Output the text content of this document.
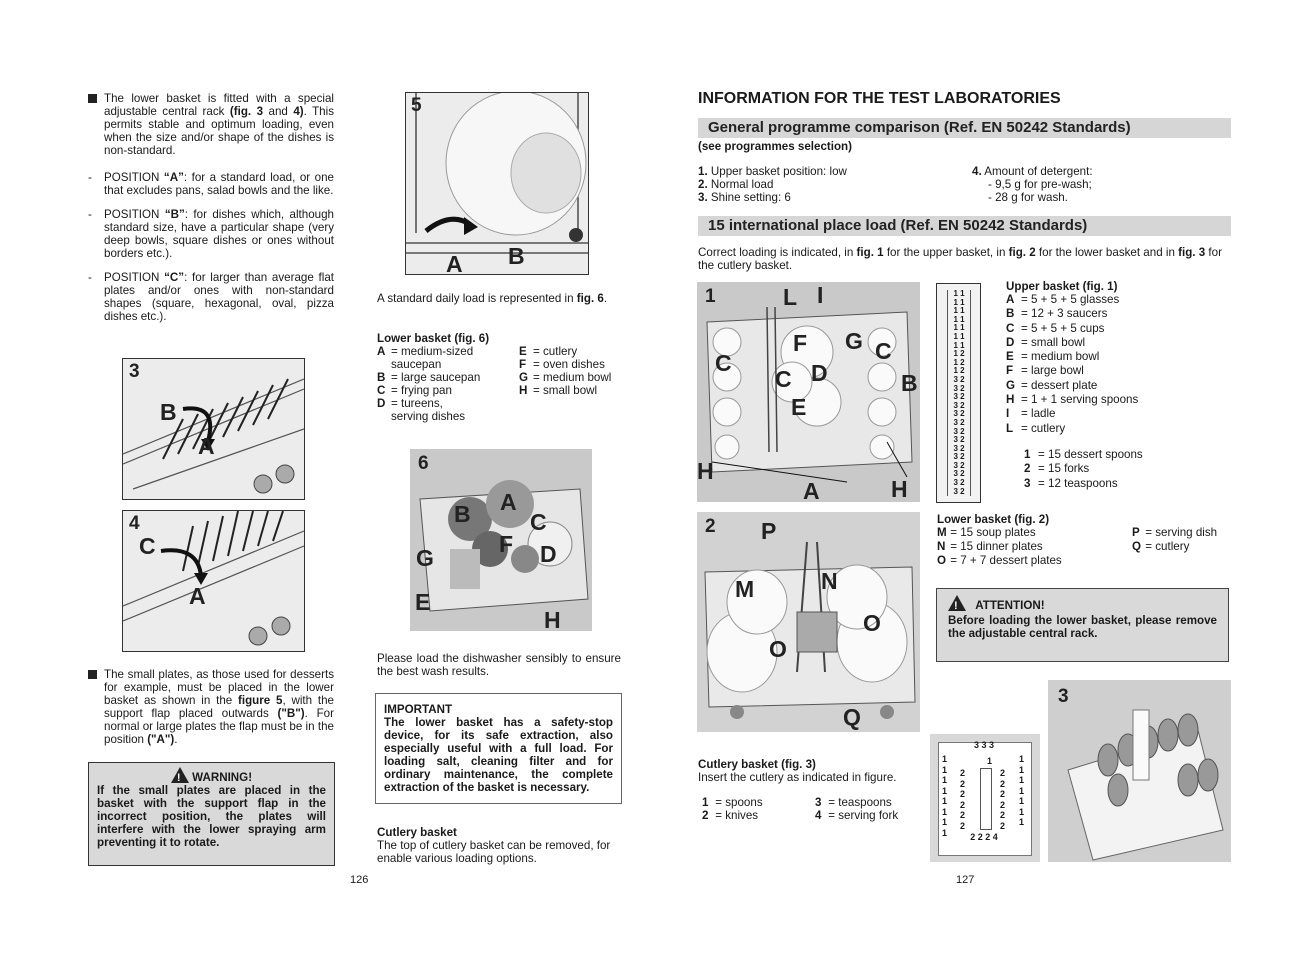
The lower basket is fitted with a special adjustable central rack (fig. 3 and 4). This permits stable and optimum loading, even when the size and/or shape of the dishes is non-standard.
-	POSITION “A”: for a standard load, or one that excludes pans, salad bowls and the like.
-	POSITION “B”: for dishes which, although standard size, have a particular shape (very deep bowls, square dishes or ones without borders etc.).
-	POSITION “C”: for larger than average flat plates and/or ones with non-standard shapes (square, hexagonal, oval, pizza dishes etc.).
3
B
A
4
C
A
The small plates, as those used for desserts for example, must be placed in the lower basket as shown in the figure 5, with the support flap placed outwards ("B"). For normal or large plates the flap must be in the position ("A").
! WARNING!
If the small plates are placed in the basket with the support flap in the incorrect position, the plates will interfere with the lower spraying arm preventing it to rotate.
126
5
A B
A standard daily load is represented in fig. 6.
Lower basket (fig. 6)
A = medium-sized saucepan
B = large saucepan
C = frying pan
D = tureens, serving dishes
E = cutlery
F = oven dishes
G = medium bowl
H = small bowl
6
B A
C
G
F D
E
H
Please load the dishwasher sensibly to ensure the best wash results.
IMPORTANT
The lower basket has a safety-stop device, for its safe extraction, also especially useful with a full load. For loading salt, cleaning filter and for ordinary maintenance, the complete extraction of the basket is necessary.
Cutlery basket
The top of cutlery basket can be removed, for enable various loading options.
INFORMATION FOR THE TEST LABORATORIES
General programme comparison (Ref. EN 50242 Standards)
(see programmes selection)
1. Upper basket position: low
2. Normal load
3. Shine setting: 6
4. Amount of detergent:
- 9,5 g for pre-wash;
- 28 g for wash.
15 international place load (Ref. EN 50242 Standards)
Correct loading is indicated, in fig. 1 for the upper basket, in fig. 2 for the lower basket and in fig. 3 for the cutlery basket.
1	L I
F G C
C
C D	B
E
H
A	H
1 1
1 1
1 1
1 1
1 1
1 1
1 1
1 2
1 2
1 2
3 2
3 2
3 2
3 2
3 2
3 2
3 2
3 2
3 2
3 2
3 2
3 2
3 2
3 2
Upper basket (fig. 1)
A = 5 + 5 + 5 glasses
B = 12 + 3 saucers
C = 5 + 5 + 5 cups
D = small bowl
E = medium bowl
F = large bowl
G = dessert plate
H = 1 + 1 serving spoons
I = ladle
L = cutlery
1 = 15 dessert spoons
2 = 15 forks
3 = 12 teaspoons
2 P
M	N
O
O
Q
Lower basket (fig. 2)
M = 15 soup plates
N = 15 dinner plates
O = 7 + 7 dessert plates
P = serving dish
Q = cutlery
! ATTENTION!
Before loading the lower basket, please remove the adjustable central rack.
Cutlery basket (fig. 3)
Insert the cutlery as indicated in figure.
1 = spoons
2 = knives
3 = teaspoons
4 = serving fork
3 3 3
1
1
1
1
1
1
1
1
1
2
2
2
2
2
2
2
2
2
2
2
2
1
1
1
1
1
1
1
2 2 2 4
3
127
